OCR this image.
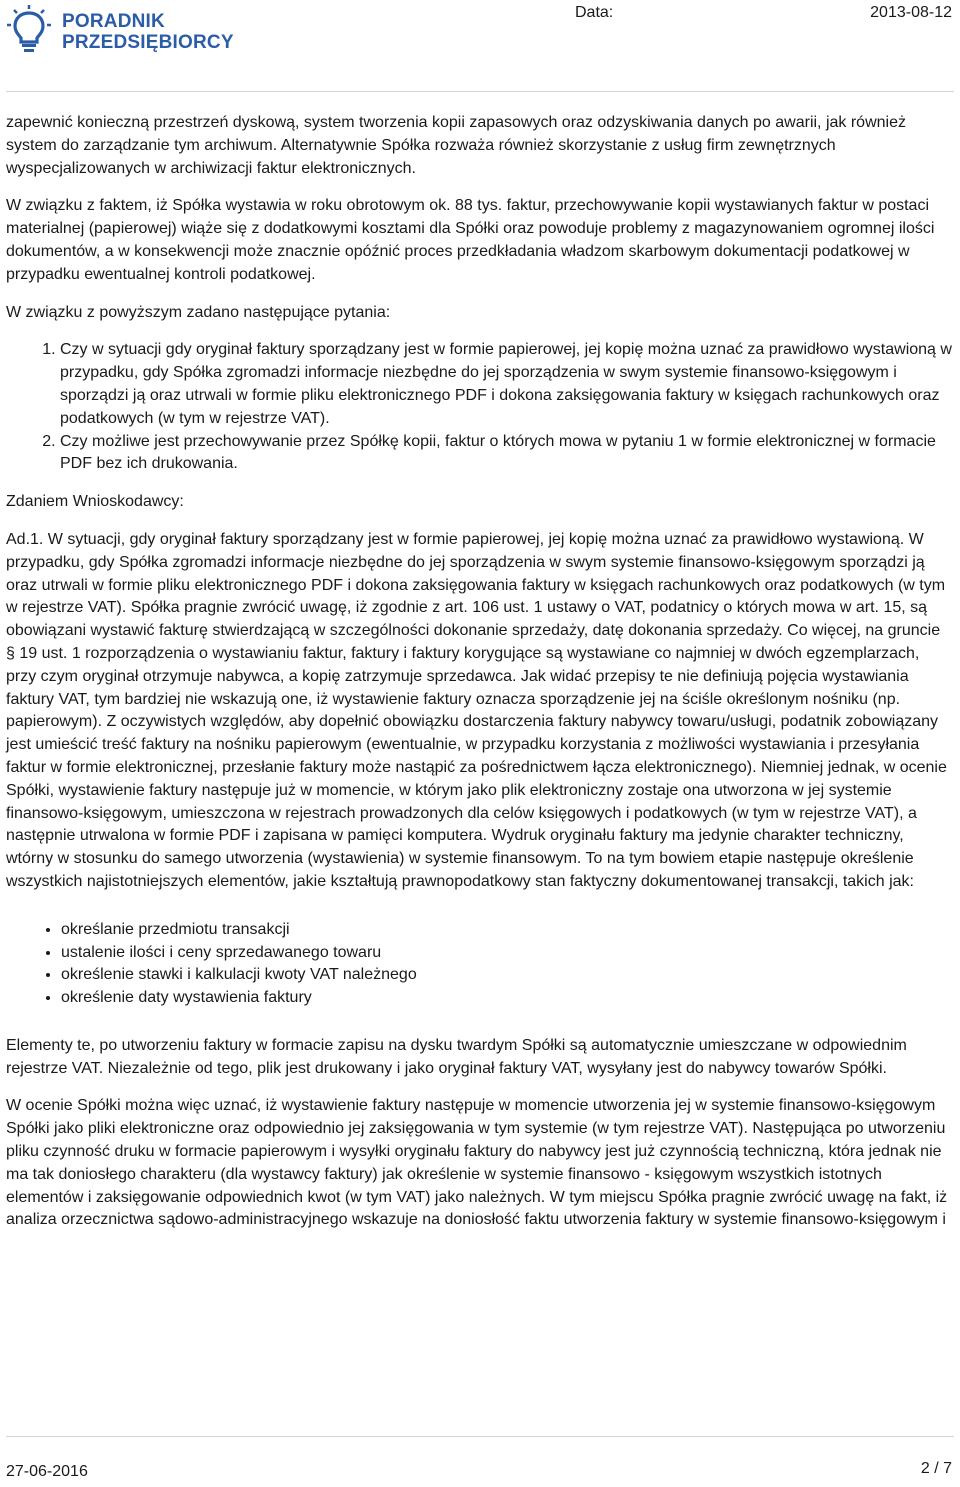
PORADNIK
PRZEDSIĘBIORCY
Data:	2013-08-12

zapewnić konieczną przestrzeń dyskową, system tworzenia kopii zapasowych oraz odzyskiwania danych po awarii, jak również system do zarządzanie tym archiwum. Alternatywnie Spółka rozważa również skorzystanie z usług firm zewnętrznych wyspecjalizowanych w archiwizacji faktur elektronicznych.

W związku z faktem, iż Spółka wystawia w roku obrotowym ok. 88 tys. faktur, przechowywanie kopii wystawianych faktur w postaci materialnej (papierowej) wiąże się z dodatkowymi kosztami dla Spółki oraz powoduje problemy z magazynowaniem ogromnej ilości dokumentów, a w konsekwencji może znacznie opóźnić proces przedkładania władzom skarbowym dokumentacji podatkowej w przypadku ewentualnej kontroli podatkowej.

W związku z powyższym zadano następujące pytania:

1. Czy w sytuacji gdy oryginał faktury sporządzany jest w formie papierowej, jej kopię można uznać za prawidłowo wystawioną w przypadku, gdy Spółka zgromadzi informacje niezbędne do jej sporządzenia w swym systemie finansowo-księgowym i sporządzi ją oraz utrwali w formie pliku elektronicznego PDF i dokona zaksięgowania faktury w księgach rachunkowych oraz podatkowych (w tym w rejestrze VAT).
2. Czy możliwe jest przechowywanie przez Spółkę kopii, faktur o których mowa w pytaniu 1 w formie elektronicznej w formacie PDF bez ich drukowania.

Zdaniem Wnioskodawcy:

Ad.1. W sytuacji, gdy oryginał faktury sporządzany jest w formie papierowej, jej kopię można uznać za prawidłowo wystawioną. W przypadku, gdy Spółka zgromadzi informacje niezbędne do jej sporządzenia w swym systemie finansowo-księgowym sporządzi ją oraz utrwali w formie pliku elektronicznego PDF i dokona zaksięgowania faktury w księgach rachunkowych oraz podatkowych (w tym w rejestrze VAT). Spółka pragnie zwrócić uwagę, iż zgodnie z art. 106 ust. 1 ustawy o VAT, podatnicy o których mowa w art. 15, są obowiązani wystawić fakturę stwierdzającą w szczególności dokonanie sprzedaży, datę dokonania sprzedaży. Co więcej, na gruncie § 19 ust. 1 rozporządzenia o wystawianiu faktur, faktury i faktury korygujące są wystawiane co najmniej w dwóch egzemplarzach, przy czym oryginał otrzymuje nabywca, a kopię zatrzymuje sprzedawca. Jak widać przepisy te nie definiują pojęcia wystawiania faktury VAT, tym bardziej nie wskazują one, iż wystawienie faktury oznacza sporządzenie jej na ściśle określonym nośniku (np. papierowym). Z oczywistych względów, aby dopełnić obowiązku dostarczenia faktury nabywcy towaru/usługi, podatnik zobowiązany jest umieścić treść faktury na nośniku papierowym (ewentualnie, w przypadku korzystania z możliwości wystawiania i przesyłania faktur w formie elektronicznej, przesłanie faktury może nastąpić za pośrednictwem łącza elektronicznego). Niemniej jednak, w ocenie Spółki, wystawienie faktury następuje już w momencie, w którym jako plik elektroniczny zostaje ona utworzona w jej systemie finansowo-księgowym, umieszczona w rejestrach prowadzonych dla celów księgowych i podatkowych (w tym w rejestrze VAT), a następnie utrwalona w formie PDF i zapisana w pamięci komputera. Wydruk oryginału faktury ma jedynie charakter techniczny, wtórny w stosunku do samego utworzenia (wystawienia) w systemie finansowym. To na tym bowiem etapie następuje określenie wszystkich najistotniejszych elementów, jakie kształtują prawnopodatkowy stan faktyczny dokumentowanej transakcji, takich jak:

• określanie przedmiotu transakcji
• ustalenie ilości i ceny sprzedawanego towaru
• określenie stawki i kalkulacji kwoty VAT należnego
• określenie daty wystawienia faktury

Elementy te, po utworzeniu faktury w formacie zapisu na dysku twardym Spółki są automatycznie umieszczane w odpowiednim rejestrze VAT. Niezależnie od tego, plik jest drukowany i jako oryginał faktury VAT, wysyłany jest do nabywcy towarów Spółki.

W ocenie Spółki można więc uznać, iż wystawienie faktury następuje w momencie utworzenia jej w systemie finansowo-księgowym Spółki jako pliki elektroniczne oraz odpowiednio jej zaksięgowania w tym systemie (w tym rejestrze VAT). Następująca po utworzeniu pliku czynność druku w formacie papierowym i wysyłki oryginału faktury do nabywcy jest już czynnością techniczną, która jednak nie ma tak doniosłego charakteru (dla wystawcy faktury) jak określenie w systemie finansowo - księgowym wszystkich istotnych elementów i zaksięgowanie odpowiednich kwot (w tym VAT) jako należnych. W tym miejscu Spółka pragnie zwrócić uwagę na fakt, iż analiza orzecznictwa sądowo-administracyjnego wskazuje na doniosłość faktu utworzenia faktury w systemie finansowo-księgowym i

27-06-2016	2 / 7
